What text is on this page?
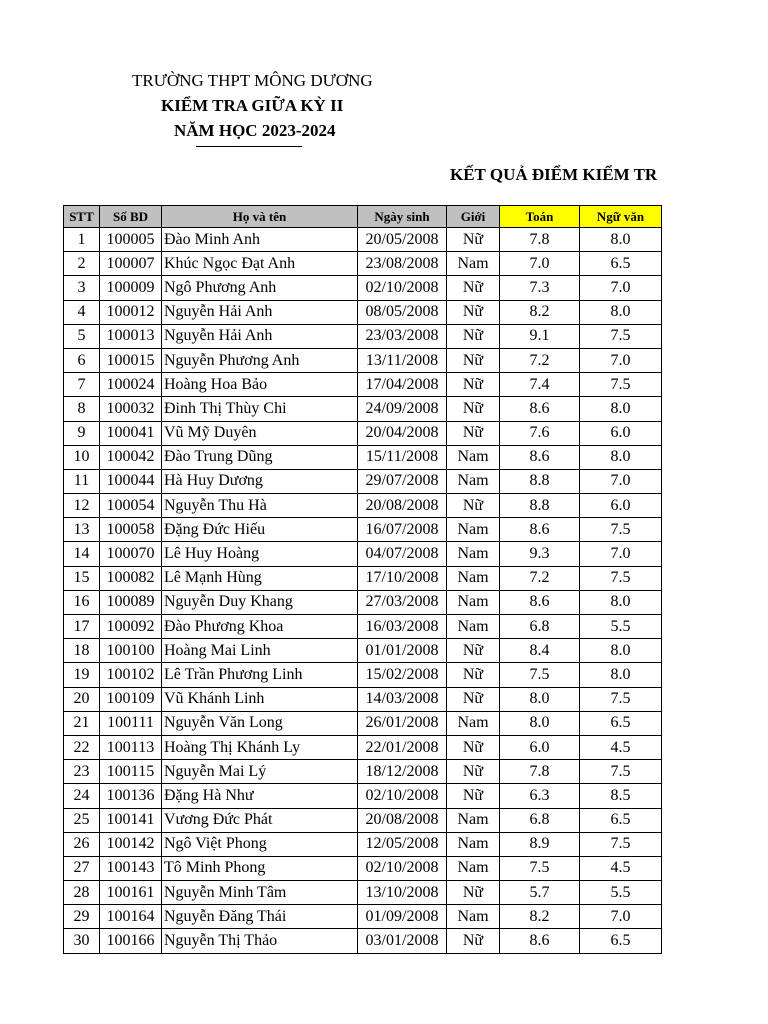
TRƯỜNG THPT MÔNG DƯƠNG
KIỂM TRA GIỮA KỲ II
NĂM HỌC 2023-2024
KẾT QUẢ ĐIỂM KIỂM TR
STT	Số BD	Họ và tên	Ngày sinh	Giới	Toán	Ngữ văn
1	100005	Đào Minh Anh	20/05/2008	Nữ	7.8	8.0
2	100007	Khúc Ngọc Đạt Anh	23/08/2008	Nam	7.0	6.5
3	100009	Ngô Phương Anh	02/10/2008	Nữ	7.3	7.0
4	100012	Nguyễn Hải Anh	08/05/2008	Nữ	8.2	8.0
5	100013	Nguyễn Hải Anh	23/03/2008	Nữ	9.1	7.5
6	100015	Nguyễn Phương Anh	13/11/2008	Nữ	7.2	7.0
7	100024	Hoàng Hoa Bảo	17/04/2008	Nữ	7.4	7.5
8	100032	Đinh Thị Thùy Chi	24/09/2008	Nữ	8.6	8.0
9	100041	Vũ Mỹ Duyên	20/04/2008	Nữ	7.6	6.0
10	100042	Đào Trung Dũng	15/11/2008	Nam	8.6	8.0
11	100044	Hà Huy Dương	29/07/2008	Nam	8.8	7.0
12	100054	Nguyễn Thu Hà	20/08/2008	Nữ	8.8	6.0
13	100058	Đặng Đức Hiếu	16/07/2008	Nam	8.6	7.5
14	100070	Lê Huy Hoàng	04/07/2008	Nam	9.3	7.0
15	100082	Lê Mạnh Hùng	17/10/2008	Nam	7.2	7.5
16	100089	Nguyễn Duy Khang	27/03/2008	Nam	8.6	8.0
17	100092	Đào Phương Khoa	16/03/2008	Nam	6.8	5.5
18	100100	Hoàng Mai Linh	01/01/2008	Nữ	8.4	8.0
19	100102	Lê Trần Phương Linh	15/02/2008	Nữ	7.5	8.0
20	100109	Vũ Khánh Linh	14/03/2008	Nữ	8.0	7.5
21	100111	Nguyễn Văn Long	26/01/2008	Nam	8.0	6.5
22	100113	Hoàng Thị Khánh Ly	22/01/2008	Nữ	6.0	4.5
23	100115	Nguyễn Mai Lý	18/12/2008	Nữ	7.8	7.5
24	100136	Đặng Hà Như	02/10/2008	Nữ	6.3	8.5
25	100141	Vương Đức Phát	20/08/2008	Nam	6.8	6.5
26	100142	Ngô Việt Phong	12/05/2008	Nam	8.9	7.5
27	100143	Tô Minh Phong	02/10/2008	Nam	7.5	4.5
28	100161	Nguyễn Minh Tâm	13/10/2008	Nữ	5.7	5.5
29	100164	Nguyễn Đăng Thái	01/09/2008	Nam	8.2	7.0
30	100166	Nguyễn Thị Thảo	03/01/2008	Nữ	8.6	6.5
